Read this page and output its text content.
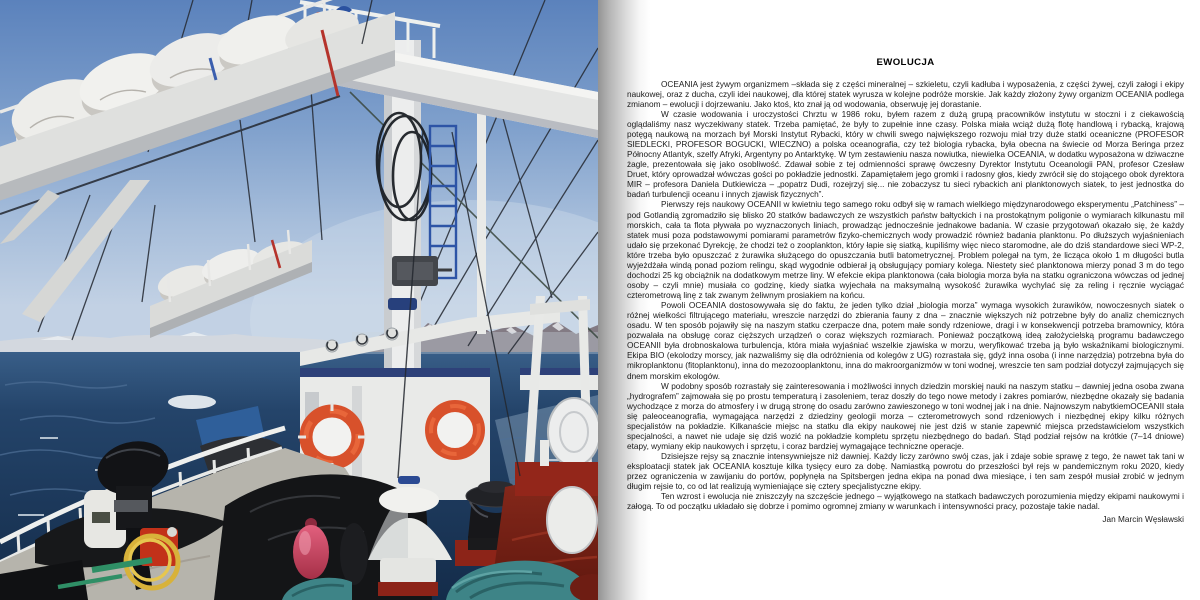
EWOLUCJA

OCEANIA jest żywym organizmem –składa się z części mineralnej – szkieletu, czyli kadłuba i wyposażenia, z części żywej, czyli załogi i ekipy naukowej, oraz z ducha, czyli idei naukowej, dla której statek wyrusza w kolejne podróże morskie. Jak każdy złożony żywy organizm OCEANIA podlega zmianom – ewolucji i dojrzewaniu. Jako ktoś, kto znał ją od wodowania, obserwuję jej dorastanie.

W czasie wodowania i uroczystości Chrztu w 1986 roku, byłem razem z dużą grupą pracowników instytutu w stoczni i z ciekawością oglądaliśmy nasz wyczekiwany statek. Trzeba pamiętać, że były to zupełnie inne czasy. Polska miała wciąż dużą flotę handlową i rybacką, krajową potęgą naukową na morzach był Morski Instytut Rybacki, który w chwili swego największego rozwoju miał trzy duże statki oceaniczne (PROFESOR SIEDLECKI, PROFESOR BOGUCKI, WIECZNO) a polska oceanografia, czy też biologia rybacka, była obecna na świecie od Morza Beringa przez Północny Atlantyk, szelfy Afryki, Argentyny po Antarktykę. W tym zestawieniu nasza nowiutka, niewielka OCEANIA, w dodatku wyposażona w dziwaczne żagle, prezentowała się jako osobliwość. Zdawał sobie z tej odmienności sprawę ówczesny Dyrektor Instytutu Oceanologii PAN, profesor Czesław Druet, który oprowadzał wówczas gości po pokładzie jednostki. Zapamiętałem jego gromki i radosny głos, kiedy zwrócił się do stojącego obok dyrektora MIR – profesora Daniela Dutkiewicza – „popatrz Dudi, rozejrzyj się... nie zobaczysz tu sieci rybackich ani planktonowych siatek, to jest jednostka do badań turbulencji oceanu i innych zjawisk fizycznych”.

Pierwszy rejs naukowy OCEANII w kwietniu tego samego roku odbył się w ramach wielkiego międzynarodowego eksperymentu „Patchiness” – pod Gotlandią zgromadziło się blisko 20 statków badawczych ze wszystkich państw bałtyckich i na prostokątnym poligonie o wymiarach kilkunastu mil morskich, cała ta flota pływała po wyznaczonych liniach, prowadząc jednocześnie jednakowe badania. W czasie przygotowań okazało się, że każdy statek musi poza podstawowymi pomiarami parametrów fizyko-chemicznych wody prowadzić również badania planktonu. Po dłuższych wyjaśnieniach udało się przekonać Dyrekcję, że chodzi też o zooplankton, który łapie się siatką, kupiliśmy więc nieco staromodne, ale do dziś standardowe sieci WP-2, które trzeba było opuszczać z żurawika służącego do opuszczania butli batometrycznej. Problem polegał na tym, że licząca około 1 m długości butla wyjeżdżała windą ponad poziom relingu, skąd wygodnie odbierał ją obsługujący pomiary kolega. Niestety sieć planktonowa mierzy ponad 3 m do tego dochodzi 25 kg obciążnik na dodatkowym metrze liny. W efekcie ekipa planktonowa (cała biologia morza była na statku ograniczona wówczas od jednej osoby – czyli mnie) musiała co godzinę, kiedy siatka wyjechała na maksymalną wysokość żurawika wychylać się za reling i ręcznie wyciągać czterometrową linę z tak zwanym żeliwnym prosiakiem na końcu.

Powoli OCEANIA dostosowywała się do faktu, że jeden tylko dział „biologia morza” wymaga wysokich żurawików, nowoczesnych siatek o różnej wielkości filtrującego materiału, wreszcie narzędzi do zbierania fauny z dna – znacznie większych niż potrzebne były do analiz chemicznych osadu. W ten sposób pojawiły się na naszym statku czerpacze dna, potem małe sondy rdzeniowe, dragi i w konsekwencji potrzeba bramownicy, która pozwalała na obsługę coraz cięższych urządzeń o coraz większych rozmiarach. Ponieważ początkową ideą założycielską programu badawczego OCEANII była drobnoskalowa turbulencja, która miała wyjaśniać wszelkie zjawiska w morzu, weryfikować trzeba ją było wskaźnikami biologicznymi. Ekipa BIO (ekolodzy morscy, jak nazwaliśmy się dla odróżnienia od kolegów z UG) rozrastała się, gdyż inna osoba (i inne narzędzia) potrzebna była do mikroplanktonu (fitoplanktonu), inna do mezozooplanktonu, inna do makroorganizmów w toni wodnej, wreszcie ten sam podział dotyczył zajmujących się dnem morskim ekologów.

W podobny sposób rozrastały się zainteresowania i możliwości innych dziedzin morskiej nauki na naszym statku – dawniej jedna osoba zwana „hydrografem” zajmowała się po prostu temperaturą i zasoleniem, teraz doszły do tego nowe metody i zakres pomiarów, niezbędne okazały się badania wychodzące z morza do atmosfery i w drugą stronę do osadu zarówno zawieszonego w toni wodnej jak i na dnie. Najnowszym nabytkiemOCEANII stała się paleoceanografia, wymagająca narzędzi z dziedziny geologii morza – czterometrowych sond rdzeniowych i niezbędnej ekipy kilku różnych specjalistów na pokładzie. Kilkanaście miejsc na statku dla ekipy naukowej nie jest dziś w stanie zapewnić miejsca przedstawicielom wszystkich specjalności, a nawet nie udaje się dziś wozić na pokładzie kompletu sprzętu niezbędnego do badań. Stąd podział rejsów na krótkie (7–14 dniowe) etapy, wymiany ekip naukowych i sprzętu, i coraz bardziej wymagające techniczne operacje.

Dzisiejsze rejsy są znacznie intensywniejsze niż dawniej. Każdy liczy zarówno swój czas, jak i zdaje sobie sprawę z tego, że nawet tak tani w eksploatacji statek jak OCEANIA kosztuje kilka tysięcy euro za dobę. Namiastką powrotu do przeszłości był rejs w pandemicznym roku 2020, kiedy przez ograniczenia w zawijaniu do portów, popłynęła na Spitsbergen jedna ekipa na ponad dwa miesiące, i ten sam zespół musiał zrobić w jednym długim rejsie to, co od lat realizują wymieniające się cztery specjalistyczne ekipy.

Ten wzrost i ewolucja nie zniszczyły na szczęście jednego – wyjątkowego na statkach badawczych porozumienia między ekipami naukowymi i załogą. To od początku układało się dobrze i pomimo ogromnej zmiany w warunkach i intensywności pracy, pozostaje takie nadal.

Jan Marcin Węsławski
